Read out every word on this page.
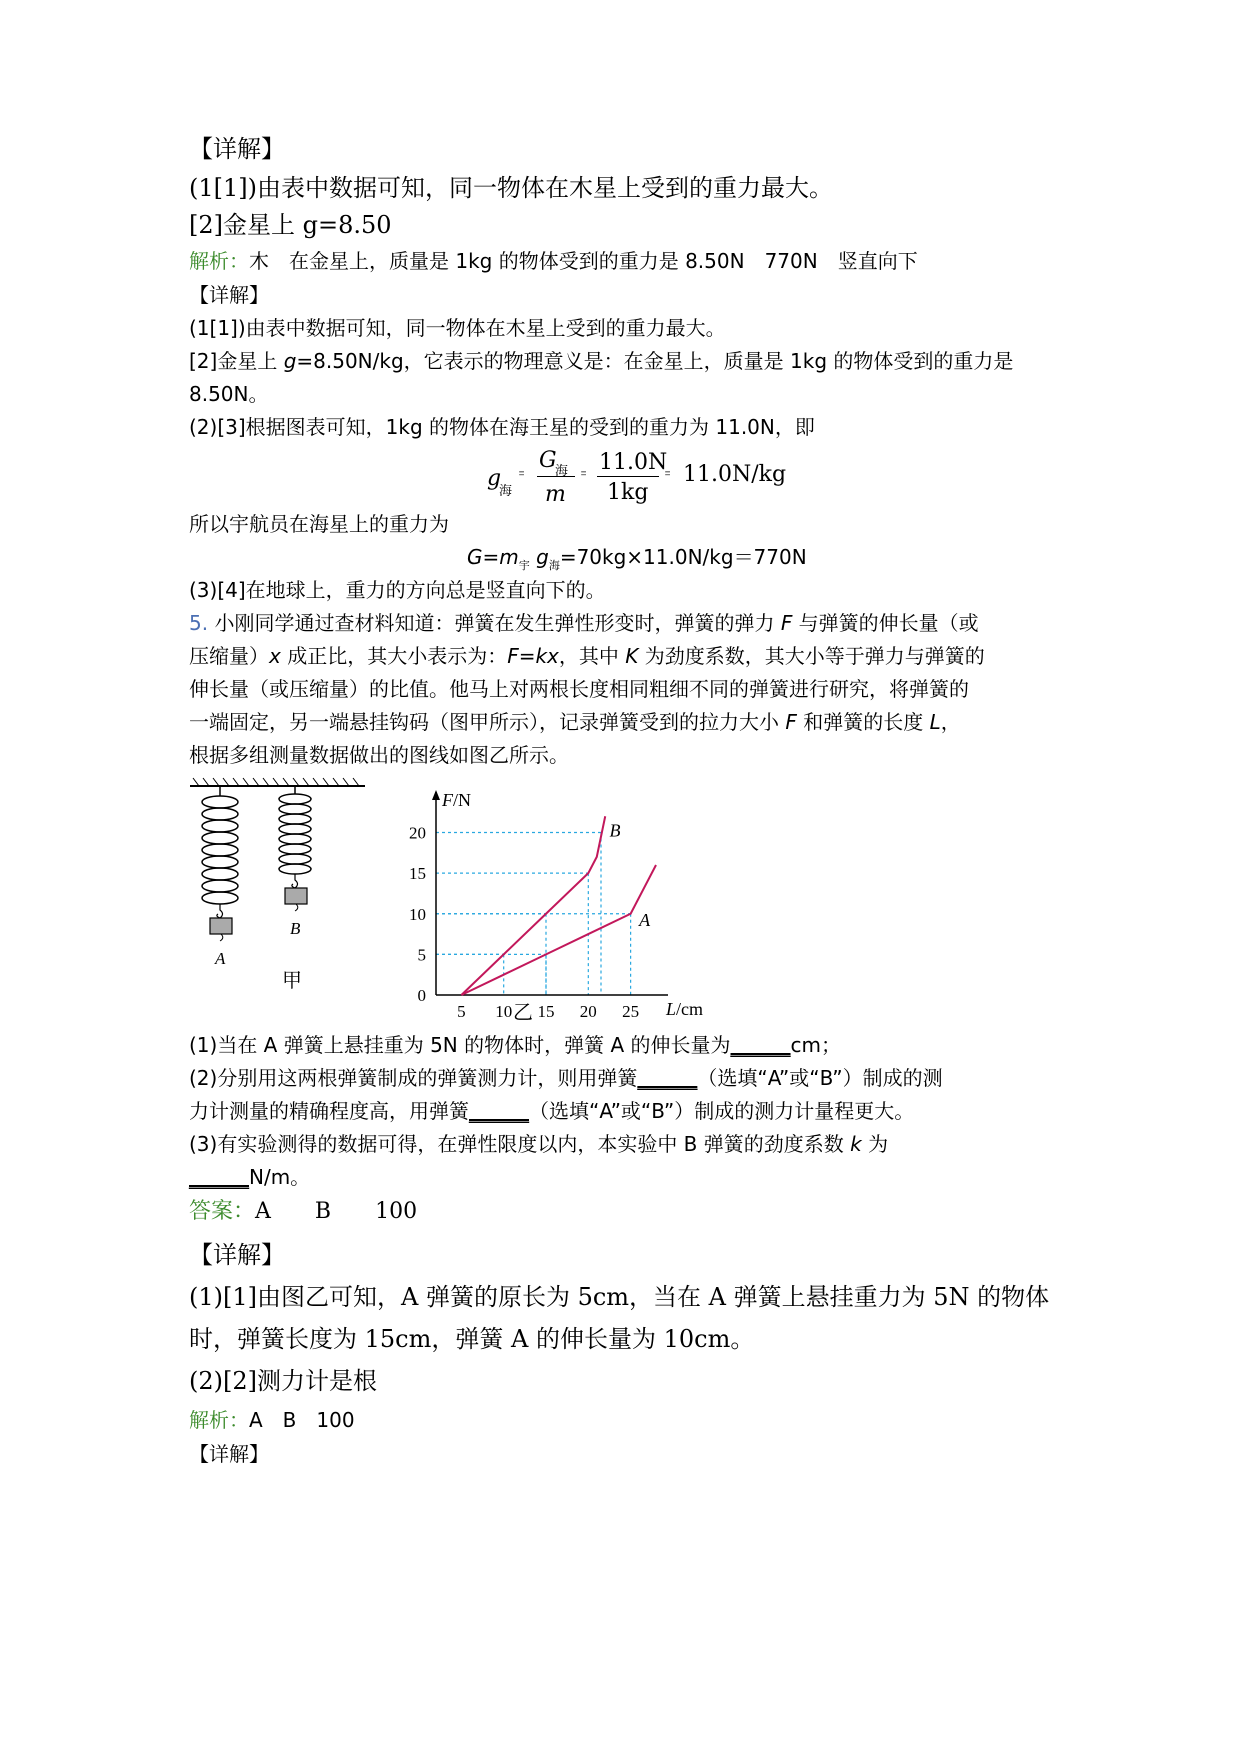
【详解】
(1[1])由表中数据可知，同一物体在木星上受到的重力最大。
[2]金星上 g=8.50
解析：木　在金星上，质量是 1kg 的物体受到的重力是 8.50N　770N　竖直向下
【详解】
(1[1])由表中数据可知，同一物体在木星上受到的重力最大。
[2]金星上 g=8.50N/kg，它表示的物理意义是：在金星上，质量是 1kg 的物体受到的重力是
8.50N。
(2)[3]根据图表可知，1kg 的物体在海王星的受到的重力为 11.0N，即
g
海
꞊
G
海
m
꞊ 11.0N
1kg
꞊ 11.0N/kg
所以宇航员在海星上的重力为
$G=m_宇$ $g_海=70kg\times 11.0N/kg=770N$
(3)[4]在地球上，重力的方向总是竖直向下的。
5. 小刚同学通过查材料知道：弹簧在发生弹性形变时，弹簧的弹力 F 与弹簧的伸长量（或
压缩量）x 成正比，其大小表示为：F=kx，其中 K 为劲度系数，其大小等于弹力与弹簧的
伸长量（或压缩量）的比值。他马上对两根长度相同粗细不同的弹簧进行研究，将弹簧的
一端固定，另一端悬挂钩码（图甲所示），记录弹簧受到的拉力大小 F 和弹簧的长度 L，
根据多组测量数据做出的图线如图乙所示。
A
B
甲
F/N
L/cm
5 10 15 20 25
0
5
10
15
20
A
B
乙
(1)当在 A 弹簧上悬挂重为 5N 的物体时，弹簧 A 的伸长量为______cm；
(2)分别用这两根弹簧制成的弹簧测力计，则用弹簧______（选填“A”或“B”）制成的测
力计测量的精确程度高，用弹簧______（选填“A”或“B”）制成的测力计量程更大。
(3)有实验测得的数据可得，在弹性限度以内，本实验中 B 弹簧的劲度系数 k 为
______N/m。
答案：A　　B　　100
【详解】
(1)[1]由图乙可知，A 弹簧的原长为 5cm，当在 A 弹簧上悬挂重力为 5N 的物体
时，弹簧长度为 15cm，弹簧 A 的伸长量为 10cm。
(2)[2]测力计是根
解析：A　B　100
【详解】
